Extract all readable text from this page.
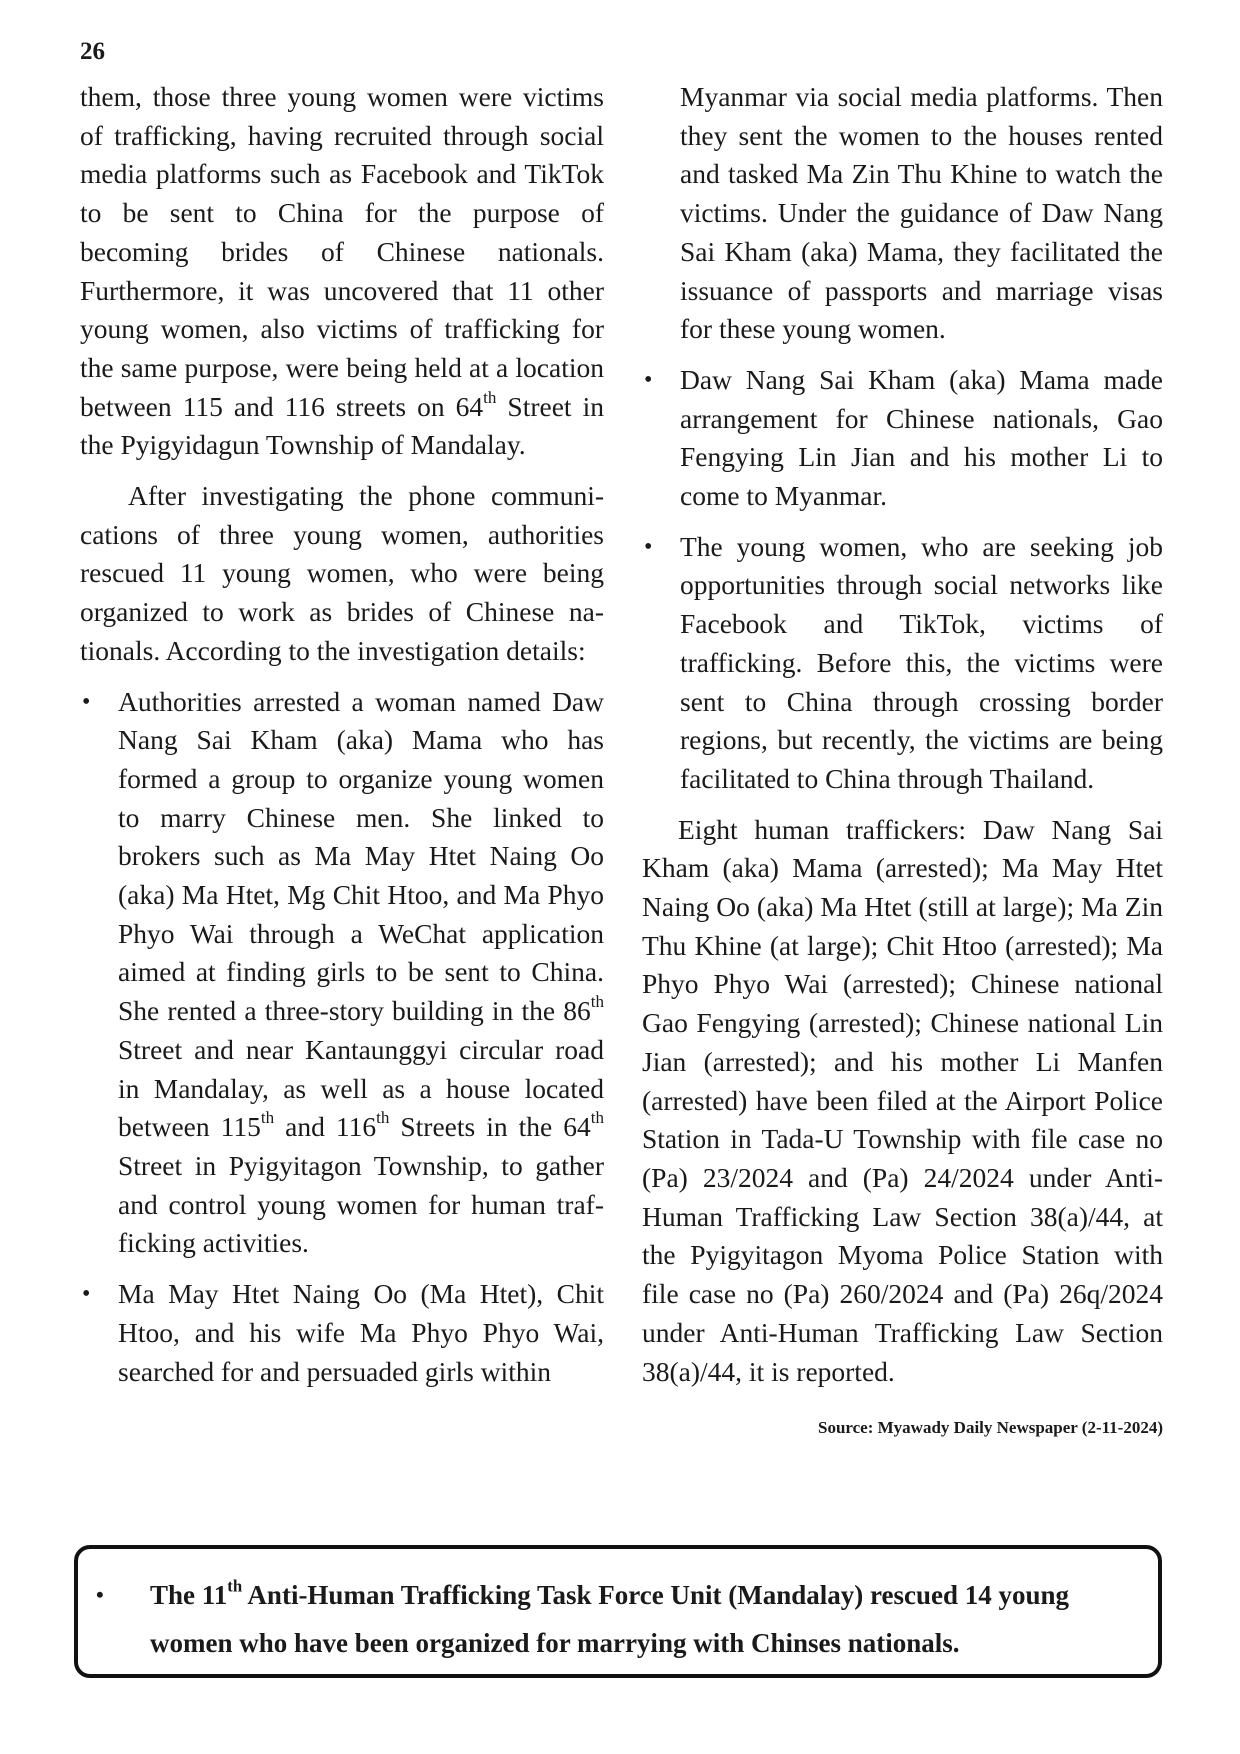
26

them, those three young women were victims of trafficking, having recruited through social media platforms such as Facebook and TikTok to be sent to China for the purpose of becoming brides of Chinese nationals. Furthermore, it was uncovered that 11 other young women, also victims of trafficking for the same purpose, were being held at a location between 115 and 116 streets on 64th Street in the Pyigyidagun Township of Mandalay.

After investigating the phone communications of three young women, authorities rescued 11 young women, who were being organized to work as brides of Chinese nationals. According to the investigation details:

• Authorities arrested a woman named Daw Nang Sai Kham (aka) Mama who has formed a group to organize young women to marry Chinese men. She linked to brokers such as Ma May Htet Naing Oo (aka) Ma Htet, Mg Chit Htoo, and Ma Phyo Phyo Wai through a WeChat application aimed at finding girls to be sent to China. She rented a three-story building in the 86th Street and near Kantaunggyi circular road in Mandalay, as well as a house located between 115th and 116th Streets in the 64th Street in Pyigyitagon Township, to gather and control young women for human trafficking activities.
• Ma May Htet Naing Oo (Ma Htet), Chit Htoo, and his wife Ma Phyo Phyo Wai, searched for and persuaded girls within
Myanmar via social media platforms. Then they sent the women to the houses rented and tasked Ma Zin Thu Khine to watch the victims. Under the guidance of Daw Nang Sai Kham (aka) Mama, they facilitated the issuance of passports and marriage visas for these young women.
• Daw Nang Sai Kham (aka) Mama made arrangement for Chinese nationals, Gao Fengying Lin Jian and his mother Li to come to Myanmar.
• The young women, who are seeking job opportunities through social networks like Facebook and TikTok, victims of trafficking. Before this, the victims were sent to China through crossing border regions, but recently, the victims are being facilitated to China through Thailand.

Eight human traffickers: Daw Nang Sai Kham (aka) Mama (arrested); Ma May Htet Naing Oo (aka) Ma Htet (still at large); Ma Zin Thu Khine (at large); Chit Htoo (arrested); Ma Phyo Phyo Wai (arrested); Chinese national Gao Fengying (arrested); Chinese national Lin Jian (arrested); and his mother Li Manfen (arrested) have been filed at the Airport Police Station in Tada-U Township with file case no (Pa) 23/2024 and (Pa) 24/2024 under Anti-Human Trafficking Law Section 38(a)/44, at the Pyigyitagon Myoma Police Station with file case no (Pa) 260/2024 and (Pa) 26q/2024 under Anti-Human Trafficking Law Section 38(a)/44, it is reported.

Source: Myawady Daily Newspaper (2-11-2024)
•	The 11th Anti-Human Trafficking Task Force Unit (Mandalay) rescued 14 young women who have been organized for marrying with Chinses nationals.
